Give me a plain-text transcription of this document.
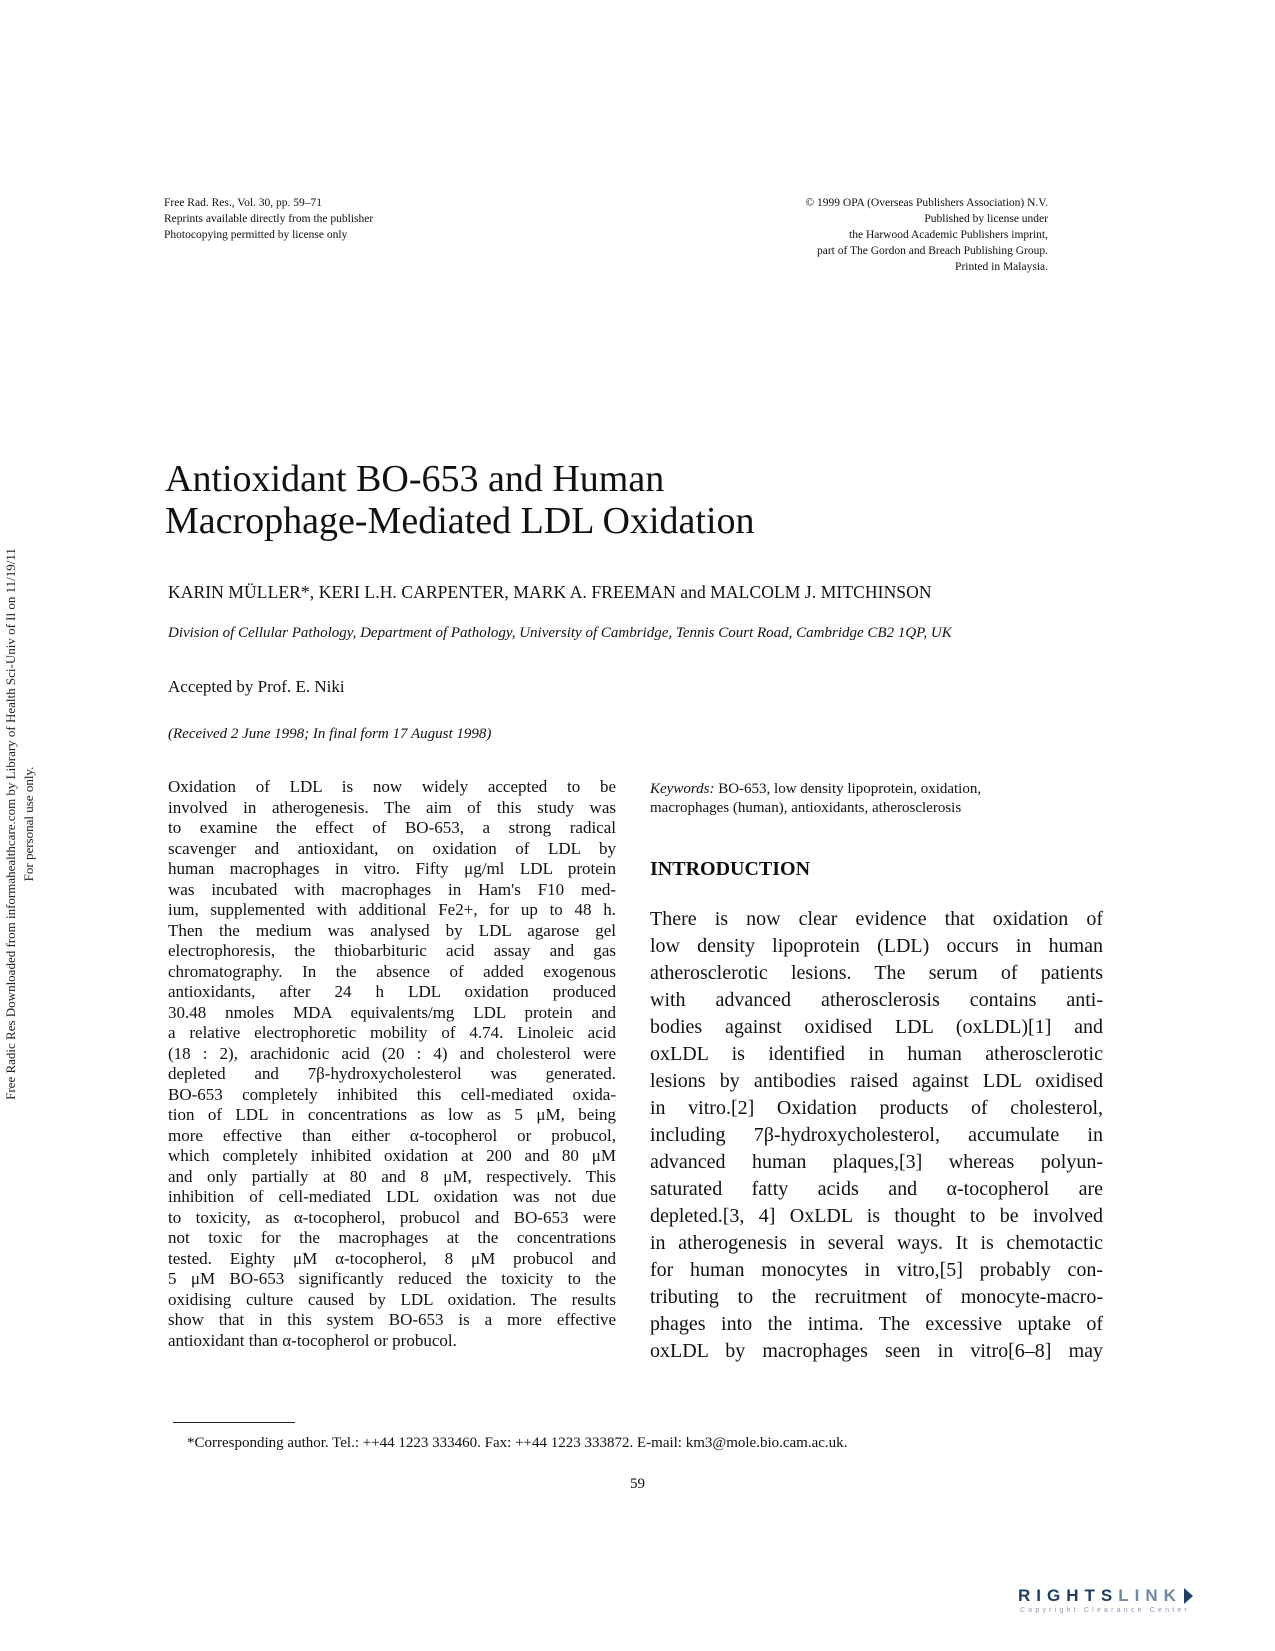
Free Rad. Res., Vol. 30, pp. 59–71
Reprints available directly from the publisher
Photocopying permitted by license only
© 1999 OPA (Overseas Publishers Association) N.V.
Published by license under
the Harwood Academic Publishers imprint,
part of The Gordon and Breach Publishing Group.
Printed in Malaysia.
Free Radic Res Downloaded from informahealthcare.com by Library of Health Sci-Univ of Il on 11/19/11 For personal use only.
Antioxidant BO-653 and Human
Macrophage-Mediated LDL Oxidation
KARIN MÜLLER*, KERI L.H. CARPENTER, MARK A. FREEMAN and MALCOLM J. MITCHINSON
Division of Cellular Pathology, Department of Pathology, University of Cambridge, Tennis Court Road, Cambridge CB2 1QP, UK
Accepted by Prof. E. Niki
(Received 2 June 1998; In final form 17 August 1998)
Oxidation of LDL is now widely accepted to be
involved in atherogenesis. The aim of this study was
to examine the effect of BO-653, a strong radical
scavenger and antioxidant, on oxidation of LDL by
human macrophages in vitro. Fifty μg/ml LDL protein
was incubated with macrophages in Ham's F10 med-
ium, supplemented with additional Fe2+, for up to 48 h.
Then the medium was analysed by LDL agarose gel
electrophoresis, the thiobarbituric acid assay and gas
chromatography. In the absence of added exogenous
antioxidants, after 24 h LDL oxidation produced
30.48 nmoles MDA equivalents/mg LDL protein and
a relative electrophoretic mobility of 4.74. Linoleic acid
(18 : 2), arachidonic acid (20 : 4) and cholesterol were
depleted and 7β-hydroxycholesterol was generated.
BO-653 completely inhibited this cell-mediated oxida-
tion of LDL in concentrations as low as 5 μM, being
more effective than either α-tocopherol or probucol,
which completely inhibited oxidation at 200 and 80 μM
and only partially at 80 and 8 μM, respectively. This
inhibition of cell-mediated LDL oxidation was not due
to toxicity, as α-tocopherol, probucol and BO-653 were
not toxic for the macrophages at the concentrations
tested. Eighty μM α-tocopherol, 8 μM probucol and
5 μM BO-653 significantly reduced the toxicity to the
oxidising culture caused by LDL oxidation. The results
show that in this system BO-653 is a more effective
antioxidant than α-tocopherol or probucol.
Keywords: BO-653, low density lipoprotein, oxidation,
macrophages (human), antioxidants, atherosclerosis
INTRODUCTION
There is now clear evidence that oxidation of
low density lipoprotein (LDL) occurs in human
atherosclerotic lesions. The serum of patients
with advanced atherosclerosis contains anti-
bodies against oxidised LDL (oxLDL)[1] and
oxLDL is identified in human atherosclerotic
lesions by antibodies raised against LDL oxidised
in vitro.[2] Oxidation products of cholesterol,
including 7β-hydroxycholesterol, accumulate in
advanced human plaques,[3] whereas polyun-
saturated fatty acids and α-tocopherol are
depleted.[3, 4] OxLDL is thought to be involved
in atherogenesis in several ways. It is chemotactic
for human monocytes in vitro,[5] probably con-
tributing to the recruitment of monocyte-macro-
phages into the intima. The excessive uptake of
oxLDL by macrophages seen in vitro[6–8] may
*Corresponding author. Tel.: ++44 1223 333460. Fax: ++44 1223 333872. E-mail: km3@mole.bio.cam.ac.uk.
59
RIGHTSLINK
Copyright Clearance Center
